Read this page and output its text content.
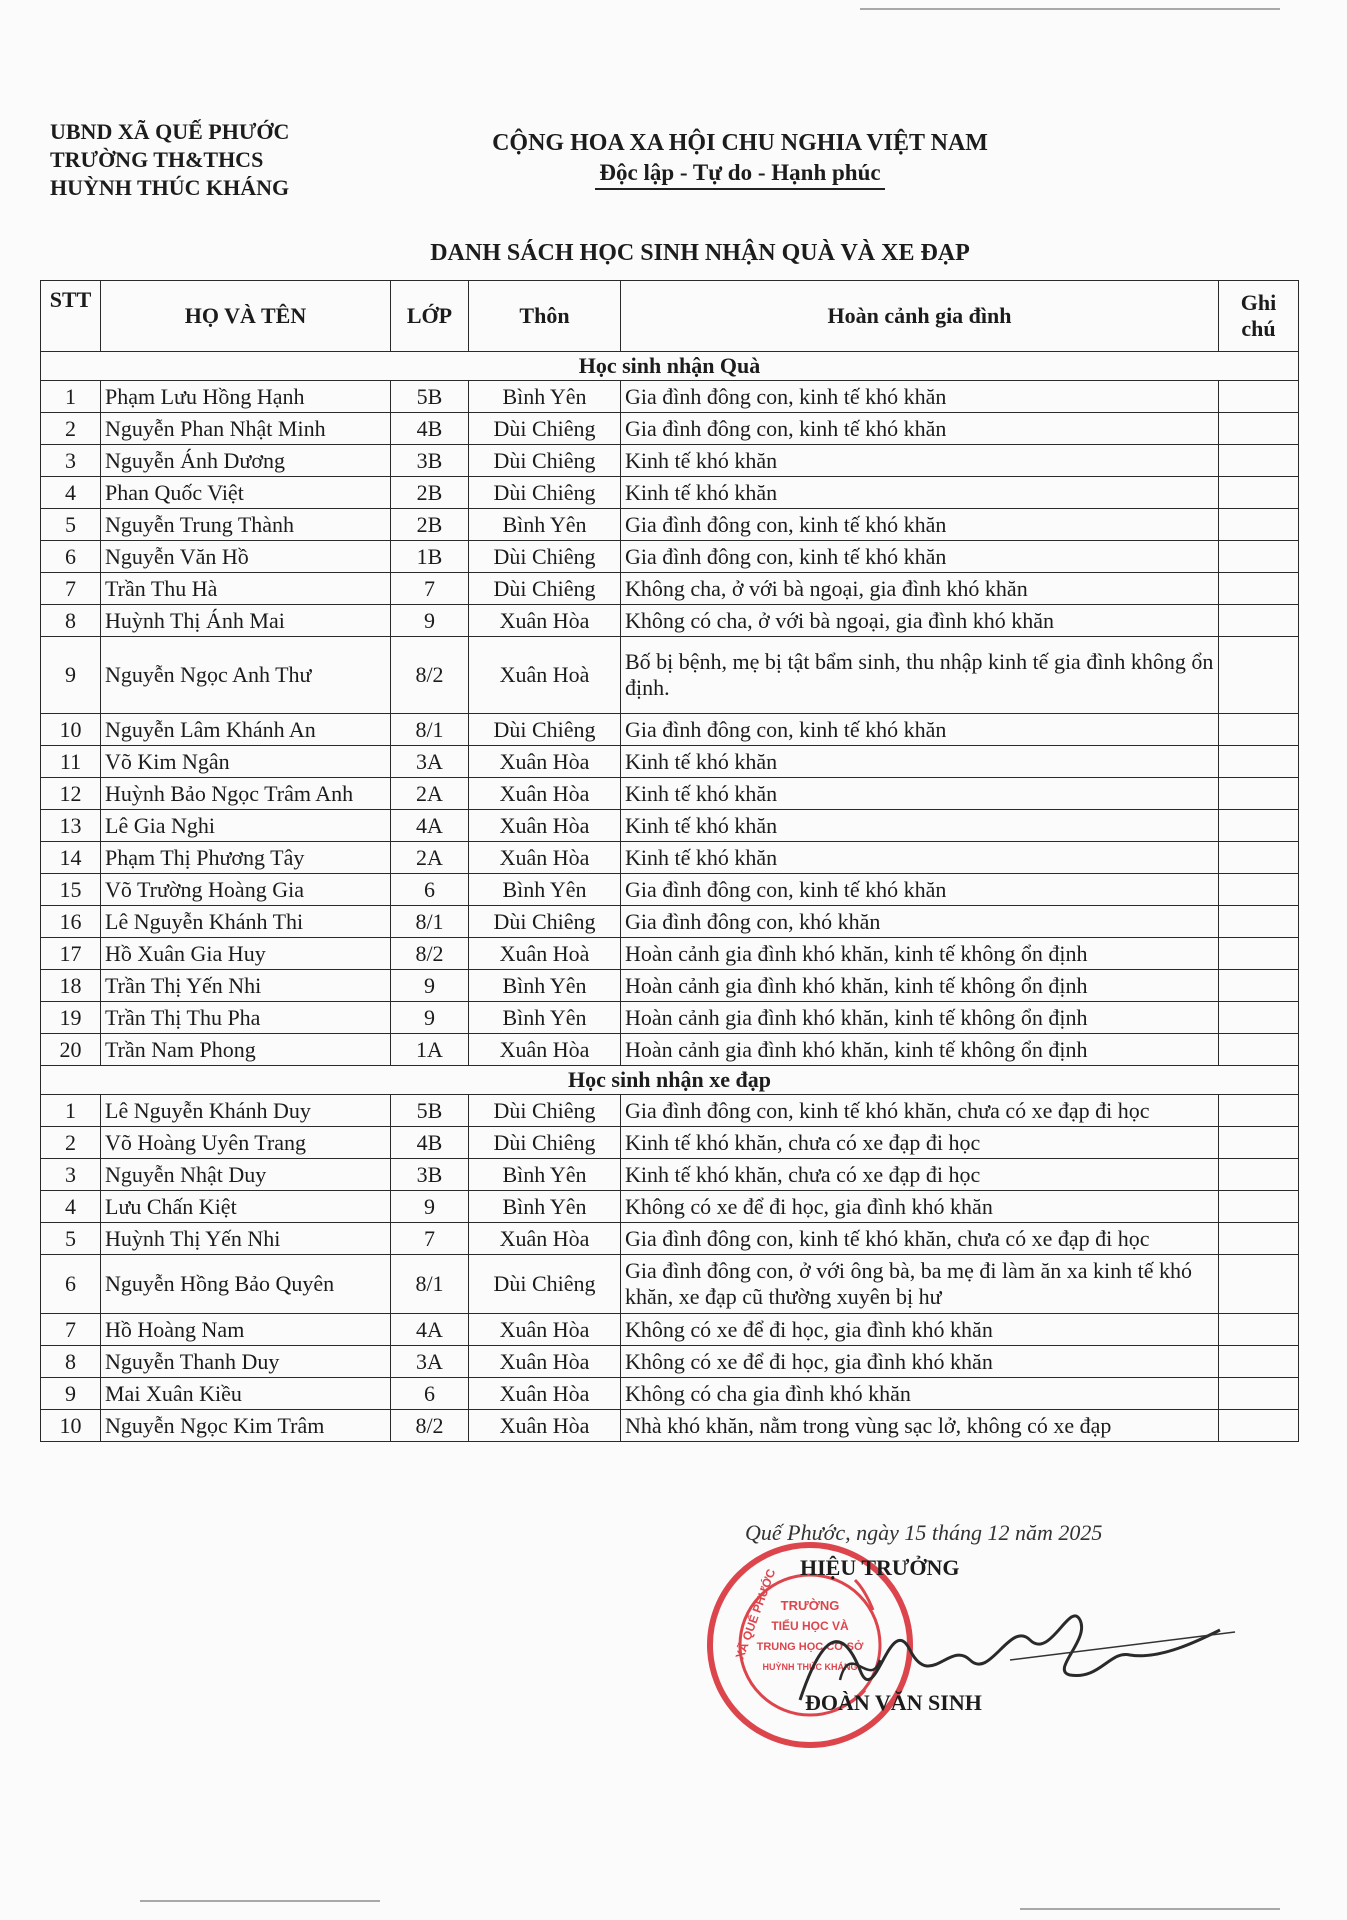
UBND XÃ QUẾ PHƯỚC
TRƯỜNG TH&THCS
HUỲNH THÚC KHÁNG
CỘNG HOA XA HỘI CHU NGHIA VIỆT NAM
Độc lập - Tự do - Hạnh phúc
DANH SÁCH HỌC SINH NHẬN QUÀ VÀ XE ĐẠP
STT	HỌ VÀ TÊN	LỚP	Thôn	Hoàn cảnh gia đình	Ghi chú
Học sinh nhận Quà					
1	Phạm Lưu Hồng Hạnh	5B	Bình Yên	Gia đình đông con, kinh tế khó khăn	
2	Nguyễn Phan Nhật Minh	4B	Dùi Chiêng	Gia đình đông con, kinh tế khó khăn	
3	Nguyễn Ánh Dương	3B	Dùi Chiêng	Kinh tế khó khăn	
4	Phan Quốc Việt	2B	Dùi Chiêng	Kinh tế khó khăn	
5	Nguyễn Trung Thành	2B	Bình Yên	Gia đình đông con, kinh tế khó khăn	
6	Nguyễn Văn Hồ	1B	Dùi Chiêng	Gia đình đông con, kinh tế khó khăn	
7	Trần Thu Hà	7	Dùi Chiêng	Không cha, ở với bà ngoại, gia đình khó khăn	
8	Huỳnh Thị Ánh Mai	9	Xuân Hòa	Không có cha, ở với bà ngoại, gia đình khó khăn	
9	Nguyễn Ngọc Anh Thư	8/2	Xuân Hoà	Bố bị bệnh, mẹ bị tật bẩm sinh, thu nhập kinh tế gia đình không ổn định.	
10	Nguyễn Lâm Khánh An	8/1	Dùi Chiêng	Gia đình đông con, kinh tế khó khăn	
11	Võ Kim Ngân	3A	Xuân Hòa	Kinh tế khó khăn	
12	Huỳnh Bảo Ngọc Trâm Anh	2A	Xuân Hòa	Kinh tế khó khăn	
13	Lê Gia Nghi	4A	Xuân Hòa	Kinh tế khó khăn	
14	Phạm Thị Phương Tây	2A	Xuân Hòa	Kinh tế khó khăn	
15	Võ Trường Hoàng Gia	6	Bình Yên	Gia đình đông con, kinh tế khó khăn	
16	Lê Nguyễn Khánh Thi	8/1	Dùi Chiêng	Gia đình đông con, khó khăn	
17	Hồ Xuân Gia Huy	8/2	Xuân Hoà	Hoàn cảnh gia đình khó khăn, kinh tế không ổn định	
18	Trần Thị Yến Nhi	9	Bình Yên	Hoàn cảnh gia đình khó khăn, kinh tế không ổn định	
19	Trần Thị Thu Pha	9	Bình Yên	Hoàn cảnh gia đình khó khăn, kinh tế không ổn định	
20	Trần Nam Phong	1A	Xuân Hòa	Hoàn cảnh gia đình khó khăn, kinh tế không ổn định	
Học sinh nhận xe đạp					
1	Lê Nguyễn Khánh Duy	5B	Dùi Chiêng	Gia đình đông con, kinh tế khó khăn, chưa có xe đạp đi học	
2	Võ Hoàng Uyên Trang	4B	Dùi Chiêng	Kinh tế khó khăn, chưa có xe đạp đi học	
3	Nguyễn Nhật Duy	3B	Bình Yên	Kinh tế khó khăn, chưa có xe đạp đi học	
4	Lưu Chấn Kiệt	9	Bình Yên	Không có xe để đi học, gia đình khó khăn	
5	Huỳnh Thị Yến Nhi	7	Xuân Hòa	Gia đình đông con, kinh tế khó khăn, chưa có xe đạp đi học	
6	Nguyễn Hồng Bảo Quyên	8/1	Dùi Chiêng	Gia đình đông con, ở với ông bà, ba mẹ đi làm ăn xa kinh tế khó khăn, xe đạp cũ thường xuyên bị hư	
7	Hồ Hoàng Nam	4A	Xuân Hòa	Không có xe để đi học, gia đình khó khăn	
8	Nguyễn Thanh Duy	3A	Xuân Hòa	Không có xe để đi học, gia đình khó khăn	
9	Mai Xuân Kiều	6	Xuân Hòa	Không có cha gia đình khó khăn	
10	Nguyễn Ngọc Kim Trâm	8/2	Xuân Hòa	Nhà khó khăn, nằm trong vùng sạc lở, không có xe đạp	
TRƯỜNG
TIỂU HỌC VÀ
TRUNG HỌC CƠ SỞ
HUỲNH THÚC KHÁNG
XÃ QUẾ PHƯỚC
Quế Phước, ngày 15 tháng 12 năm 2025
HIỆU TRƯỞNG
ĐOÀN VĂN SINH
